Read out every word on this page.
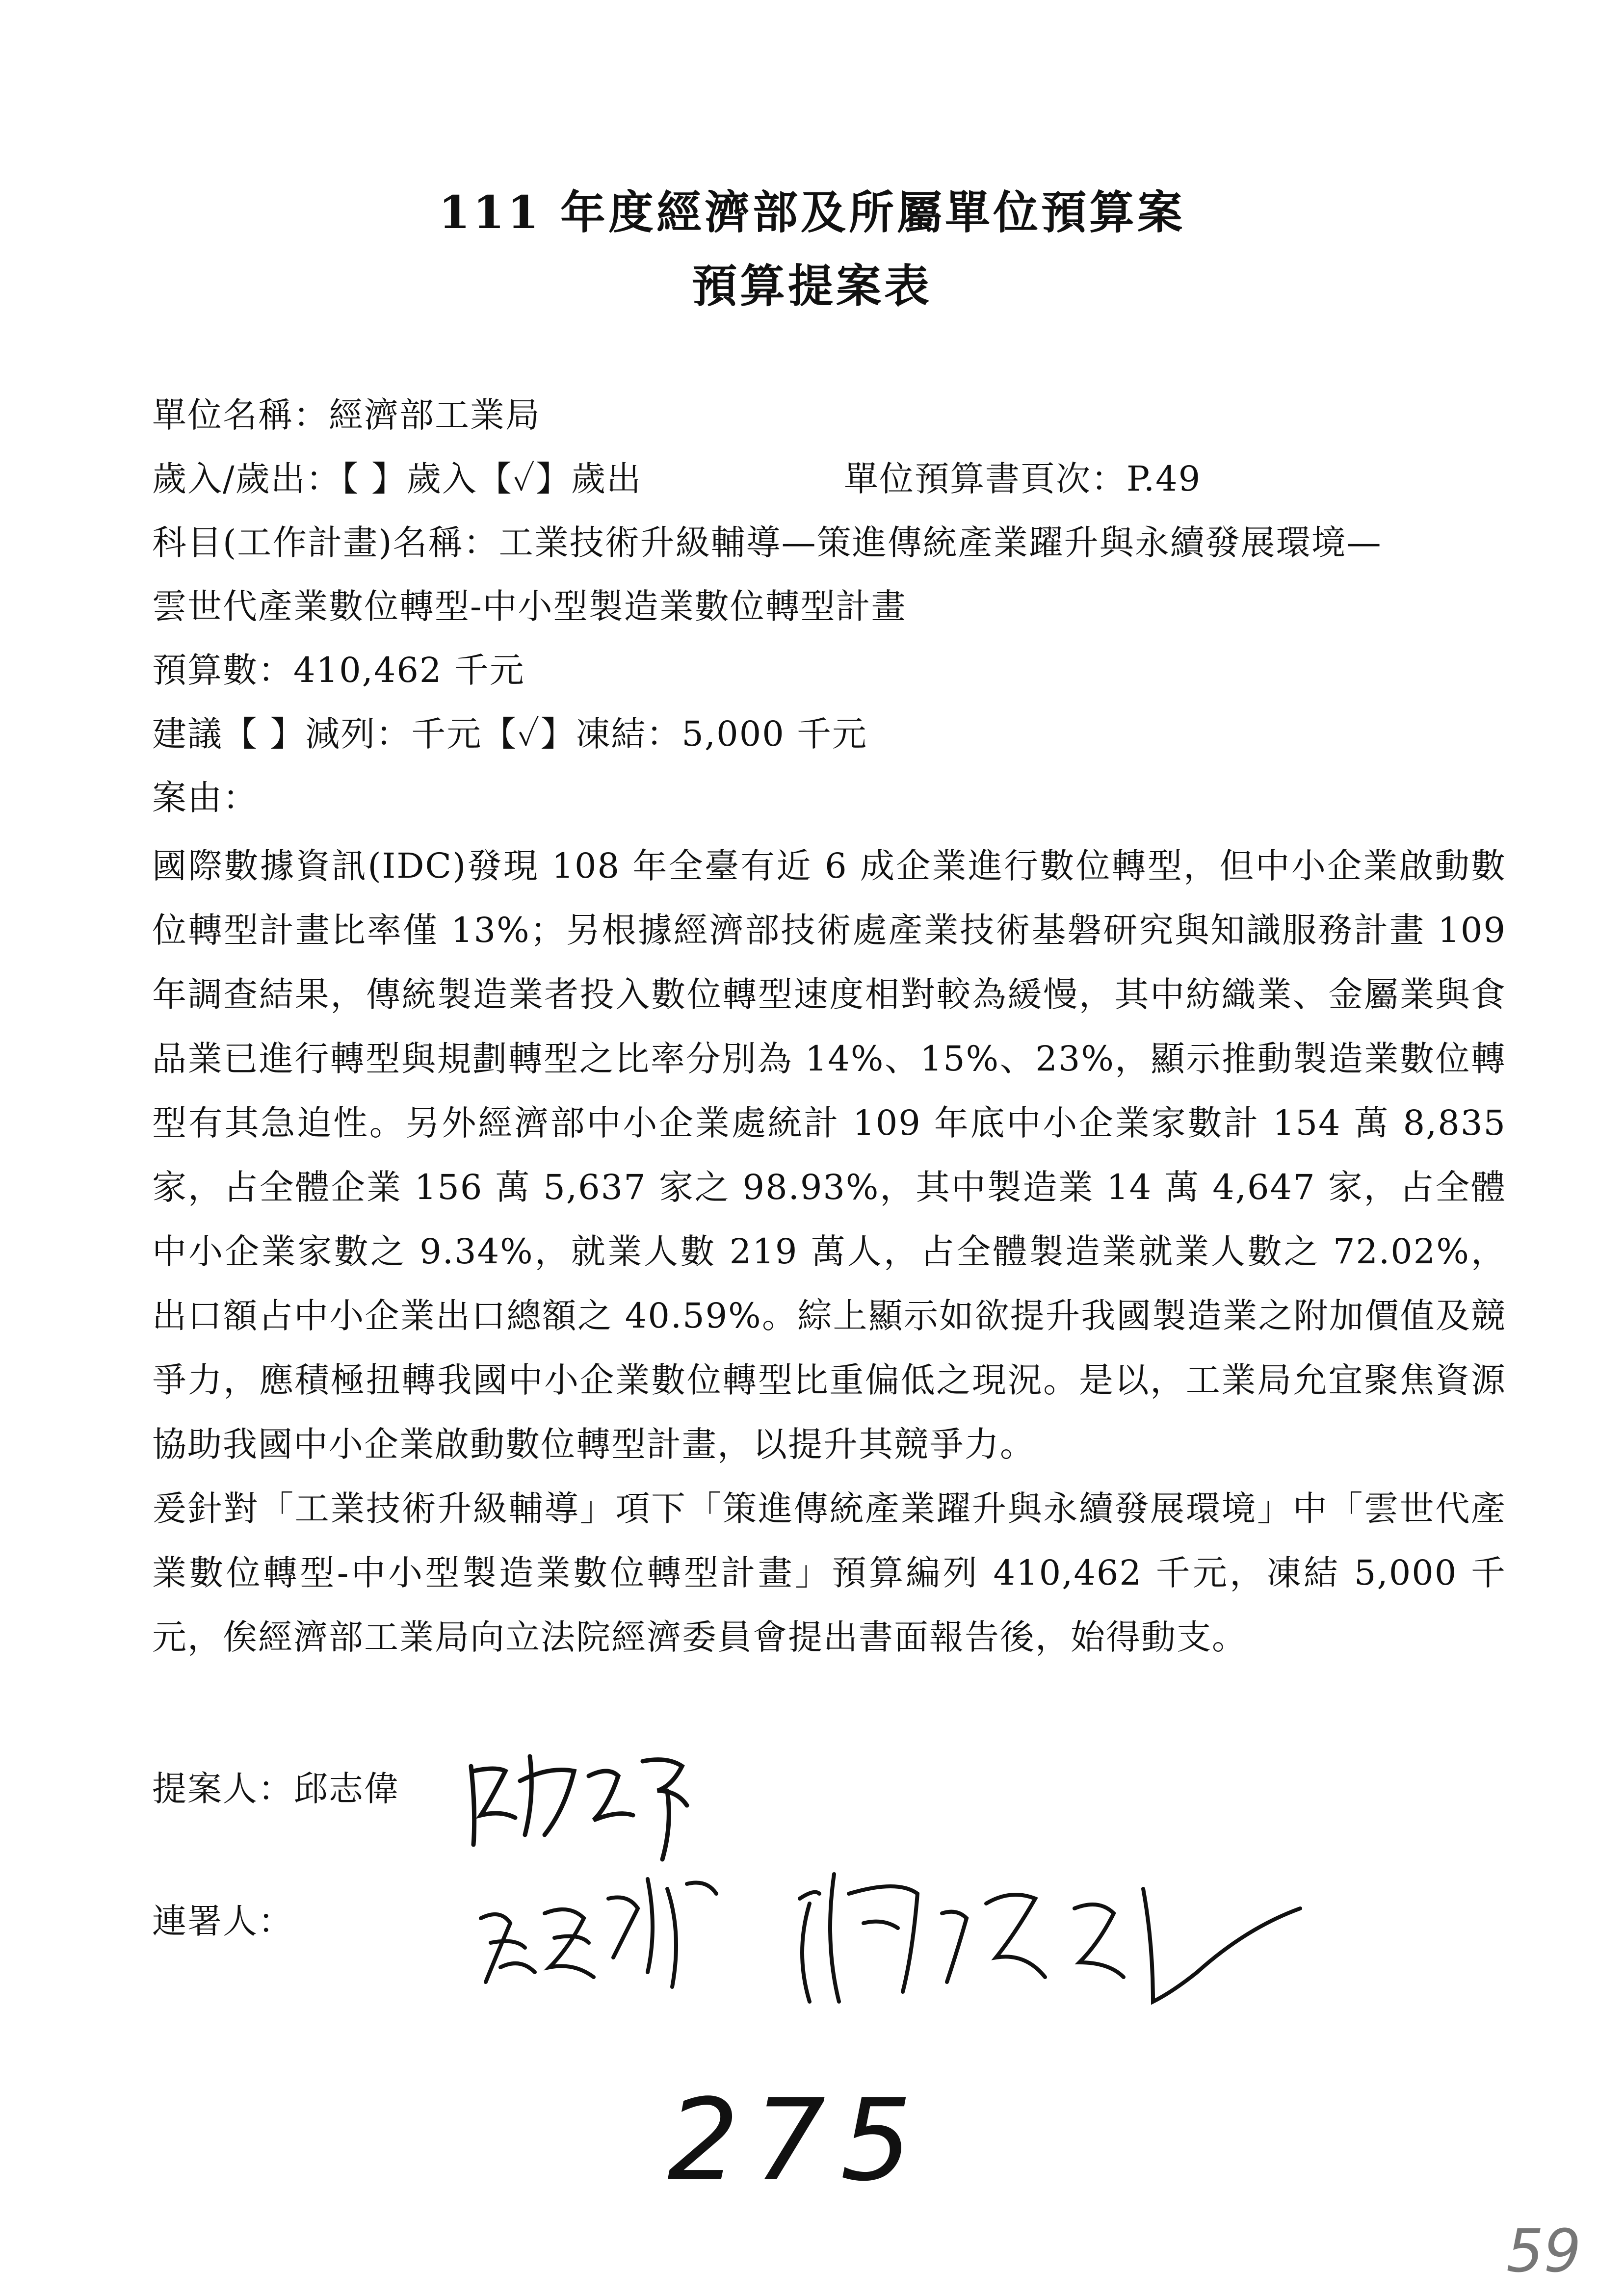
111 年度經濟部及所屬單位預算案
預算提案表
單位名稱：經濟部工業局
歲入/歲出：【 】歲入【✓】歲出	單位預算書頁次：P.49
科目(工作計畫)名稱：工業技術升級輔導—策進傳統產業躍升與永續發展環境—
雲世代產業數位轉型-中小型製造業數位轉型計畫
預算數：410,462 千元
建議【 】減列：千元【✓】凍結：5,000 千元
案由：
國際數據資訊(IDC)發現 108 年全臺有近 6 成企業進行數位轉型，但中小企業啟動數位轉型計畫比率僅 13%；另根據經濟部技術處產業技術基磐研究與知識服務計畫 109 年調查結果，傳統製造業者投入數位轉型速度相對較為緩慢，其中紡織業、金屬業與食品業已進行轉型與規劃轉型之比率分別為 14%、15%、23%，顯示推動製造業數位轉型有其急迫性。另外經濟部中小企業處統計 109 年底中小企業家數計 154 萬 8,835 家，占全體企業 156 萬 5,637 家之 98.93%，其中製造業 14 萬 4,647 家，占全體中小企業家數之 9.34%，就業人數 219 萬人，占全體製造業就業人數之 72.02%，出口額占中小企業出口總額之 40.59%。綜上顯示如欲提升我國製造業之附加價值及競爭力，應積極扭轉我國中小企業數位轉型比重偏低之現況。是以，工業局允宜聚焦資源協助我國中小企業啟動數位轉型計畫，以提升其競爭力。
爰針對「工業技術升級輔導」項下「策進傳統產業躍升與永續發展環境」中「雲世代產業數位轉型-中小型製造業數位轉型計畫」預算編列 410,462 千元，凍結 5,000 千元，俟經濟部工業局向立法院經濟委員會提出書面報告後，始得動支。
提案人：邱志偉
連署人：
275
59
